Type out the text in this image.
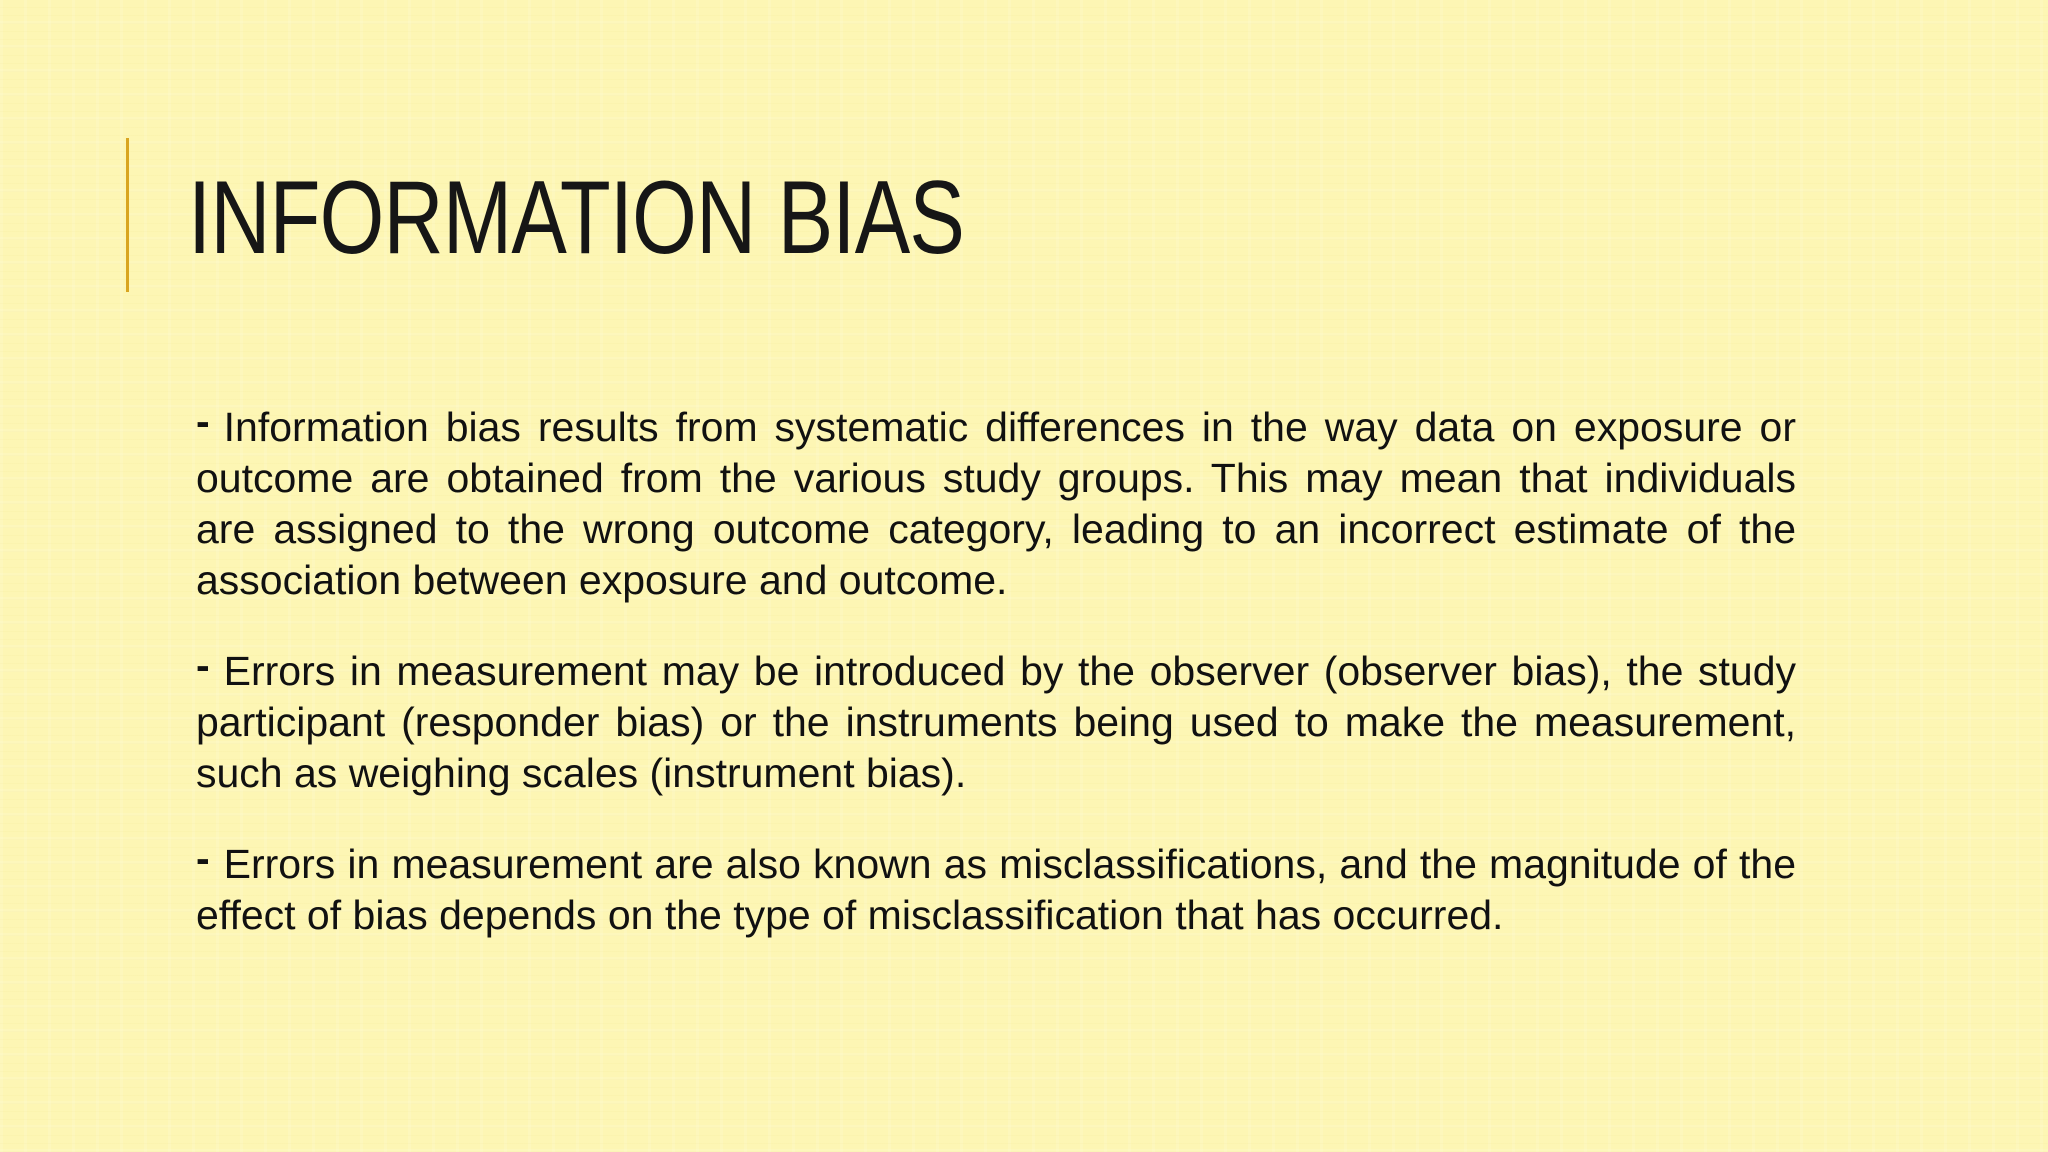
INFORMATION BIAS

- Information bias results from systematic differences in the way data on exposure or outcome are obtained from the various study groups. This may mean that individuals are assigned to the wrong outcome category, leading to an incorrect estimate of the association between exposure and outcome.

- Errors in measurement may be introduced by the observer (observer bias), the study participant (responder bias) or the instruments being used to make the measurement, such as weighing scales (instrument bias).

- Errors in measurement are also known as misclassifications, and the magnitude of the effect of bias depends on the type of misclassification that has occurred.
